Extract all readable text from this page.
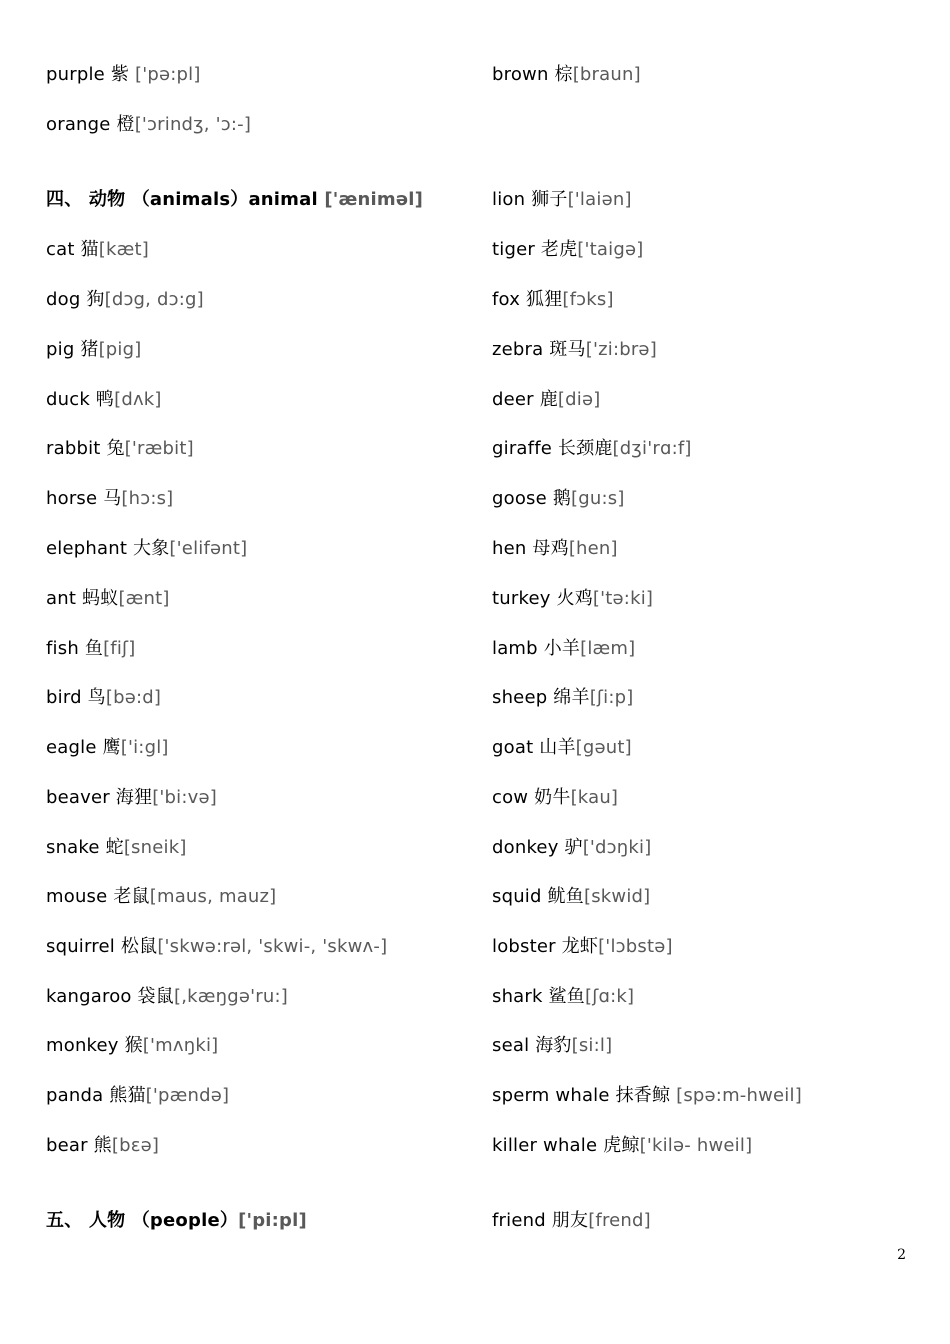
purple 紫 ['pə:pl]
orange 橙['ɔrindʒ, 'ɔ:-]
四、 动物 （animals）animal ['ænimәl]
cat 猫[kæt]
dog 狗[dɔg, dɔ:g]
pig 猪[pig]
duck 鸭[dʌk]
rabbit 兔['ræbit]
horse 马[hɔ:s]
elephant 大象['elifənt]
ant 蚂蚁[ænt]
fish 鱼[fiʃ]
bird 鸟[bə:d]
eagle 鹰['i:gl]
beaver 海狸['bi:və]
snake 蛇[sneik]
mouse 老鼠[maus, mauz]
squirrel 松鼠['skwə:rəl, 'skwi-, 'skwʌ-]
kangaroo 袋鼠[,kæŋgə'ru:]
monkey 猴['mʌŋki]
panda 熊猫['pændə]
bear 熊[bɛə]
五、 人物 （people）['pi:pl]
brown 棕[braun]
lion 狮子['laiən]
tiger 老虎['taigə]
fox 狐狸[fɔks]
zebra 斑马['zi:brə]
deer 鹿[diə]
giraffe 长颈鹿[dʒi'rɑ:f]
goose 鹅[gu:s]
hen 母鸡[hen]
turkey 火鸡['tə:ki]
lamb 小羊[læm]
sheep 绵羊[ʃi:p]
goat 山羊[gəut]
cow 奶牛[kau]
donkey 驴['dɔŋki]
squid 鱿鱼[skwid]
lobster 龙虾['lɔbstə]
shark 鲨鱼[ʃɑ:k]
seal 海豹[si:l]
sperm whale 抹香鲸 [spə:m-hweil]
killer whale 虎鲸['kilə- hweil]
friend 朋友[frend]
2
